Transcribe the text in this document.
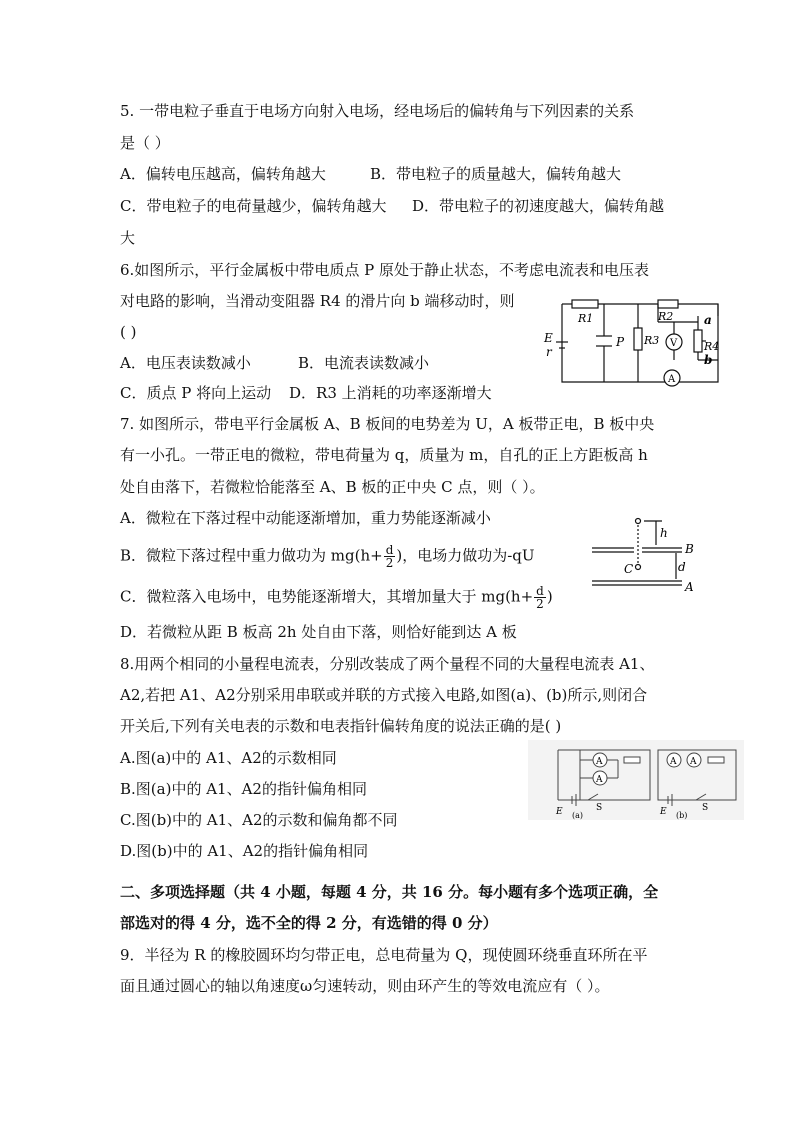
5. 一带电粒子垂直于电场方向射入电场，经电场后的偏转角与下列因素的关系
是（ ）
A．偏转电压越高，偏转角越大	B．带电粒子的质量越大，偏转角越大
C．带电粒子的电荷量越少，偏转角越大 D．带电粒子的初速度越大，偏转角越
大
6.如图所示，平行金属板中带电质点 P 原处于静止状态，不考虑电流表和电压表
对电路的影响，当滑动变阻器 R4 的滑片向 b 端移动时，则
( )
A．电压表读数减小	B．电流表读数减小
C．质点 P 将向上运动 D．R3 上消耗的功率逐渐增大
E
r
R1
P
R2
R3	R4
V
A
a
b
7. 如图所示，带电平行金属板 A、B 板间的电势差为 U，A 板带正电，B 板中央
有一小孔。一带正电的微粒，带电荷量为 q，质量为 m，自孔的正上方距板高 h
处自由落下，若微粒恰能落至 A、B 板的正中央 C 点，则（ ）。
A．微粒在下落过程中动能逐渐增加，重力势能逐渐减小
B．微粒下落过程中重力做功为 $mg(h+ \frac{d}{2}$ )，电场力做功为-qU
C．微粒落入电场中，电势能逐渐增大，其增加量大于 $mg(h+ \frac{d}{2}$ )
D．若微粒从距 B 板高 2h 处自由下落，则恰好能到达 A 板
h
B
d
C
A
8.用两个相同的小量程电流表，分别改装成了两个量程不同的大量程电流表 A1、
A2,若把 A1、A2分别采用串联或并联的方式接入电路,如图(a)、(b)所示,则闭合
开关后,下列有关电表的示数和电表指针偏转角度的说法正确的是( )
A.图(a)中的 A1、A2的示数相同
B.图(a)中的 A1、A2的指针偏角相同
C.图(b)中的 A1、A2的示数和偏角都不同
D.图(b)中的 A1、A2的指针偏角相同
A
A
A A
E	S
(a)	E	S
(b)
二、多项选择题（共 4 小题，每题 4 分，共 16 分。每小题有多个选项正确，全
部选对的得 4 分，选不全的得 2 分，有选错的得 0 分）
9．半径为 R 的橡胶圆环均匀带正电，总电荷量为 Q，现使圆环绕垂直环所在平
面且通过圆心的轴以角速度ω匀速转动，则由环产生的等效电流应有（ ）。
